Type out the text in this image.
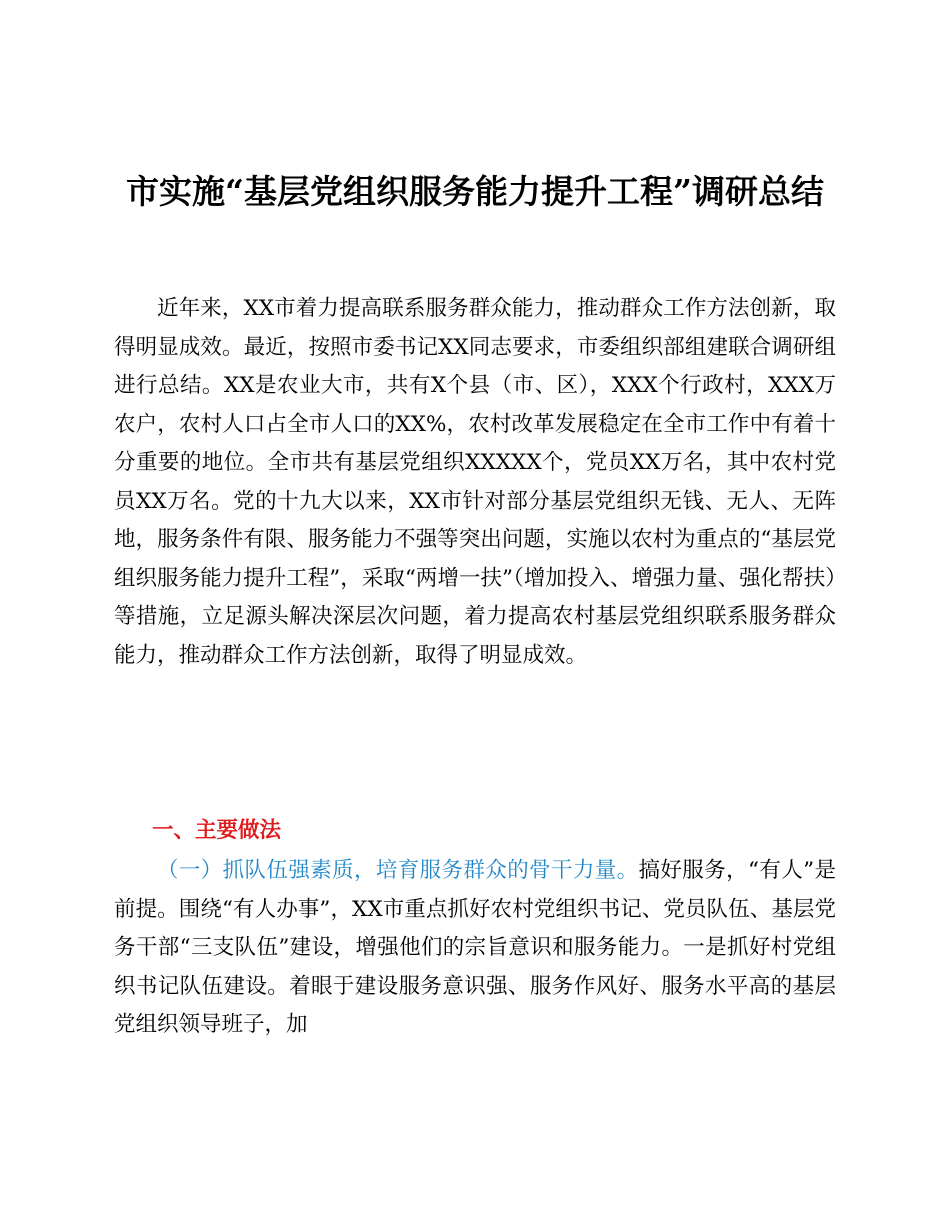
市实施“基层党组织服务能力提升工程”调研总结

近年来，XX市着力提高联系服务群众能力，推动群众工作方法创新，取得明显成效。最近，按照市委书记XX同志要求，市委组织部组建联合调研组进行总结。XX是农业大市，共有X个县（市、区），XXX个行政村，XXX万农户，农村人口占全市人口的XX%，农村改革发展稳定在全市工作中有着十分重要的地位。全市共有基层党组织XXXXX个，党员XX万名，其中农村党员XX万名。党的十九大以来，XX市针对部分基层党组织无钱、无人、无阵地，服务条件有限、服务能力不强等突出问题，实施以农村为重点的“基层党组织服务能力提升工程”，采取“两增一扶”（增加投入、增强力量、强化帮扶）等措施，立足源头解决深层次问题，着力提高农村基层党组织联系服务群众能力，推动群众工作方法创新，取得了明显成效。

一、主要做法

（一）抓队伍强素质，培育服务群众的骨干力量。搞好服务，“有人”是前提。围绕“有人办事”，XX市重点抓好农村党组织书记、党员队伍、基层党务干部“三支队伍”建设，增强他们的宗旨意识和服务能力。一是抓好村党组织书记队伍建设。着眼于建设服务意识强、服务作风好、服务水平高的基层党组织领导班子，加
